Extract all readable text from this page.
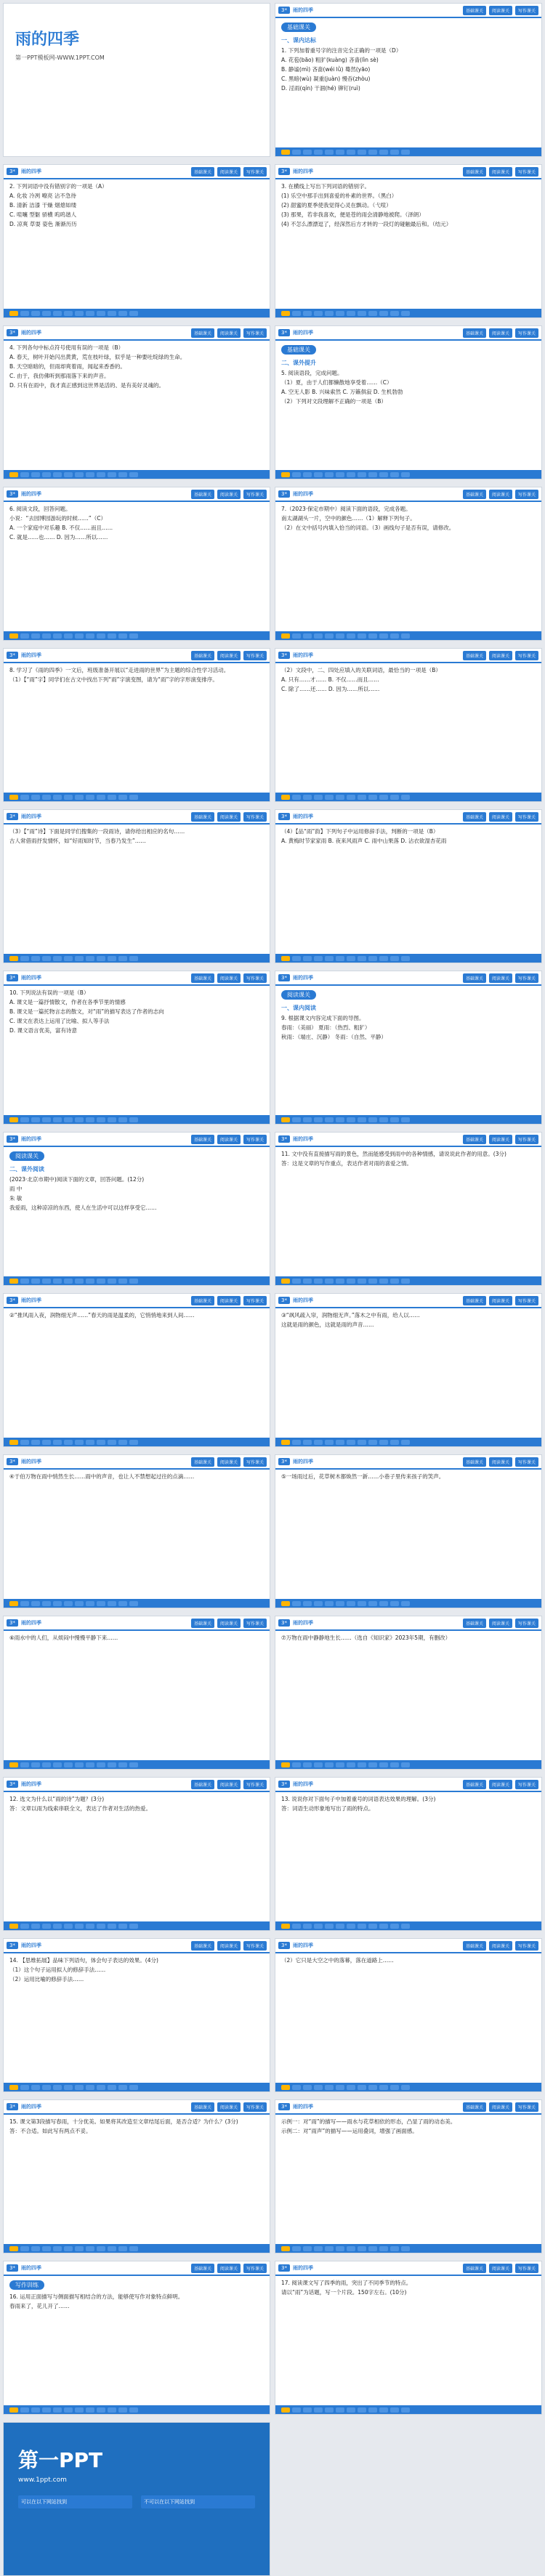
雨的四季
第一PPT模板网-WWW.1PPT.COM
3*	雨的四季	基础课关	阅读课关	写作课关
基础课关
一、课内达标

1. 下列加着重号字的注音完全正确的一项是（D）

A. 花苞(bāo) 粗犷(kuàng) 吝啬(lìn sè)

B. 静谧(mì) 吝啬(wéi lǜ) 蓦然(yāo)

C. 黑暗(wù) 凝重(juàn) 慢吞(zhòu)

D. 淫雨(qín) 干涸(hé) 铆钉(ruì)

3*	雨的四季	基础课关	阅读课关	写作课关

2. 下列词语中没有错别字的一项是（A）

A. 化妆 冷冽 嘹亮 沾不急待

B. 清新 洁漆 干燥 烟熄如缕

C. 喧嚷 型躯 骄横 呜呜谐人

D. 凉爽 草耍 姿色 渐渐历历

3*	雨的四季	基础课关	阅读课关	写作课关

3. 在横线上写出下列词语的错别字。

(1) 乐空中那手出到喜爱的朴素的世界。（黑白）

(2) 甜蜜的夏季使我觉得心灵在飘动。（弋喧）

(3) 那果，若非我喜欢，便是苍的雨会清静地被爬。（泽朗）

(4) 不怎么漂漂逗了，经深然后方才转的一段灯的碰触最后和。（结元）

3*	雨的四季	基础课关	阅读课关	写作课关

4. 下列各句中标点符号使用有误的一项是（B）

A. 春天，树叶开始闪出黄黄，荒在枝叶绿，似乎是一种要吐绽绿的生命。

B. 天空暗暗的，但雨却爽着雨，闻起来香香的。

C. 由于，我仿佛听到那雨落下来的声音。

D. 只有在雨中，我才真正感到这世界是活的、是有美好灵魂的。

3*	雨的四季	基础课关	阅读课关	写作课关
基础课关
二、课外提升

5. 阅读语段，完成问题。

（1）夏，由于人们都懒散地享受着……（C）

A. 空无人影 B. 兴味索然 C. 万籁俱寂 D. 生机勃勃

（2）下列对文段理解不正确的一项是（B）

3*	雨的四季	基础课关	阅读课关	写作课关

6. 阅读文段，回答问题。

小说：“去园博园游玩的时候……”（C）

A. 一个家庭中对乐趣 B. 不仅……而且……

C. 就是……也…… D. 因为……所以……

3*	雨的四季	基础课关	阅读课关	写作课关

7.（2023·保定市期中）阅读下面的语段，完成各题。

南太湖湖头一片，空中的颜色……（1）解释下列句子。

（2）在文中括号内填入恰当的词语。（3）画线句子是否有误，请修改。

3*	雨的四季	基础课关	阅读课关	写作课关

8. 学习了《雨的四季》一文后，班级准备开展以“走进雨的世界”为主题的综合性学习活动。

（1）【“雨”字】同学们在古文中找出下列“雨”字演变图，请为“雨”字的字形演变排序。

3*	雨的四季	基础课关	阅读课关	写作课关

（2）文段中，二、四处应填入的关联词语，最恰当的一项是（B）

A. 只有……才…… B. 不仅……而且……

C. 除了……还…… D. 因为……所以……

3*	雨的四季	基础课关	阅读课关	写作课关

（3）【“雨”诗】下面是同学们搜集的一段雨诗，请你给出相应的名句……

古人常借雨抒发情怀，如“好雨知时节，当春乃发生”……

3*	雨的四季	基础课关	阅读课关	写作课关

（4）【品“雨”韵】下列句子中运用修辞手法，判断的一项是（B）

A. 黄梅时节家家雨 B. 夜来风雨声 C. 雨中山果落 D. 沾衣欲湿杏花雨

3*	雨的四季	基础课关	阅读课关	写作课关

10. 下列说法有误的一项是（B）

A. 课文是一篇抒情散文，作者在各季节里的情感

B. 课文是一篇托物言志的散文，对“雨”的描写表达了作者的志向

C. 课文在表达上运用了比喻、拟人等手法

D. 课文语言优美，富有诗意

3*	雨的四季	基础课关	阅读课关	写作课关
阅读课关
一、课内阅读

9. 根据课文内容完成下面的导图。

春雨：（美丽） 夏雨：（热烈、粗犷）

秋雨：（端庄、沉静） 冬雨：（自然、平静）

3*	雨的四季	基础课关	阅读课关	写作课关
阅读课关
二、课外阅读

(2023·北京市期中)阅读下面的文章，回答问题。(12分)

雨 中

朱 敏

我爱雨，这种凉凉的东西，使人在生活中可以这样享受它……

3*	雨的四季	基础课关	阅读课关	写作课关

11. 文中没有直接描写雨的景色，然而能感受到雨中的各种情感，请说说此作者的用意。(3分)

答：这是文章的写作重点，表达作者对雨的喜爱之情。

3*	雨的四季	基础课关	阅读课关	写作课关

②“推风雨入夜，润物细无声……”春天的雨是温柔的，它悄悄地来到人间……

3*	雨的四季	基础课关	阅读课关	写作课关

③“飒风疏入帘，润物细无声。”落木之中有雨，给人以……

这就是雨的颜色，这就是雨的声音……

3*	雨的四季	基础课关	阅读课关	写作课关

④于伯万物在雨中悄然生长……雨中的声音，也让人不禁想起过往的点滴……

3*	雨的四季	基础课关	阅读课关	写作课关

⑤一场雨过后，花草树木都焕然一新……小巷子里传来孩子的笑声。

3*	雨的四季	基础课关	阅读课关	写作课关

⑥雨水中的人们，从烦闷中慢慢平静下来……

3*	雨的四季	基础课关	阅读课关	写作课关

⑦万物在雨中静静地生长……（选自《知识家》2023年5期，有删改）

3*	雨的四季	基础课关	阅读课关	写作课关

12. 选文为什么以“雨的诗”为题？(3分)

答：文章以雨为线索串联全文，表达了作者对生活的热爱。

3*	雨的四季	基础课关	阅读课关	写作课关

13. 说说你对下面句子中加着重号的词语表达效果的理解。(3分)

答：词语生动形象地写出了雨的特点。

3*	雨的四季	基础课关	阅读课关	写作课关

14. 【思维拓展】品味下列语句，体会句子表达的效果。(4分)

（1）这个句子运用拟人的修辞手法……

（2）运用比喻的修辞手法……

3*	雨的四季	基础课关	阅读课关	写作课关

（2）它只是大空之中的落幕，落在道路上……

3*	雨的四季	基础课关	阅读课关	写作课关

15. 课文第3段描写春雨，十分优美。如果将其改造至文章结尾后面，是否合适？为什么？(3分)

答：不合适。如此写有两点不妥。

3*	雨的四季	基础课关	阅读课关	写作课关

示例一：对“雨”的描写——雨水与花草相依的形态，凸显了雨的动态美。

示例二：对“雨声”的描写——运用叠词，增强了画面感。

3*	雨的四季	基础课关	阅读课关	写作课关
写作训练

16. 运用正面描写与侧面描写相结合的方法，能够使写作对象特点鲜明。

春雨来了，花儿开了……

3*	雨的四季	基础课关	阅读课关	写作课关

17. 阅读课文写了四季的雨，突出了不同季节的特点。

请以“雨”为话题，写一个片段。150字左右。(10分)

第一PPT
www.1ppt.com
可以在以下网站找到	不可以在以下网站找到
